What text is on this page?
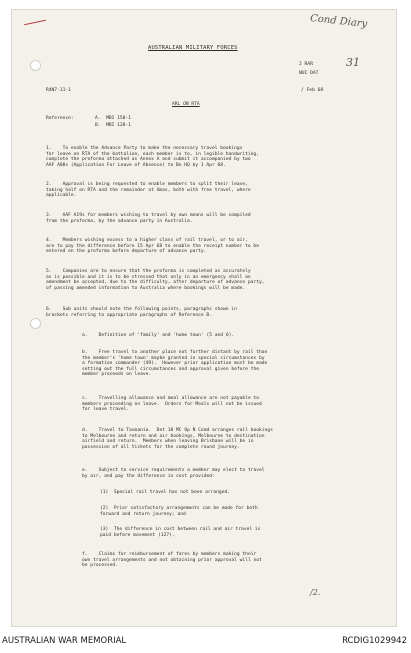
Cond Diary
31
/2.
AUSTRALIAN MILITARY FORCES
2 RAR
NUI DAT
R4N7-11-1	/ Feb 68
ARL ON RTA
Reference:	A.  MBI 150-1
B.  MBI 128-1

1.    To enable the Advance Party to make the necessary travel bookings

for leave on RTA of the battalion, each member is to, in legible handwriting,

complete the proforma attached as Annex A and submit it accompanied by two

AAF A08s (Application For Leave of Absence) to Bn HQ by 1 Apr 68.

2.    Approval is being requested to enable members to split their leave,

taking half on RTA and the remainder at Xmas, both with free travel, where

applicable.

3.    AAF A19s for members wishing to travel by own means will be compiled

from the proforma, by the advance party in Australia.

4.    Members wishing excess to a higher class of rail travel, or to air,

are to pay the difference before 15 Apr 68 to enable the receipt number to be

entered on the proforma before departure of advance party.

5.    Companies are to ensure that the proforma is completed as accurately

as is possible and it is to be stressed that only in an emergency shall an

amendment be accepted, due to the difficulty, after departure of advance party,

of passing amended information to Australia where bookings will be made.

6.    Sub units should note the following points, paragraphs shown in

brackets referring to appropriate paragraphs of Reference B.

a.    Definition of 'family' and 'home town' (5 and 6).

b.    Free travel to another place not further distant by rail than

the member's 'home town' maybe granted in special circumstances by

a formation commander (49).  However prior application must be made

setting out the full circumstances and approval given before the

member proceeds on leave.

c.    Travelling allowance and meal allowance are not payable to

members proceeding on leave.  Orders for Meals will not be issued

for leave travel.

d.    Travel to Tasmania.  Det 10 MC Op N Comd arranges rail bookings

to Melbourne and return and air bookings, Melbourne to destination

airfield and return.  Members when leaving Brisbane will be in

possession of all tickets for the complete round journey.

e.    Subject to service requirements a member may elect to travel

by air, and pay the difference in cost provided:

(1)  Special rail travel has not been arranged.

(2)  Prior satisfactory arrangements can be made for both

forward and return journey; and

(3)  The difference in cost between rail and air travel is

paid before movement (127).

f.    Claims for reimbursement of fares by members making their

own travel arrangements and not obtaining prior approval will not

be processed.

AUSTRALIAN WAR MEMORIAL	RCDIG1029942
